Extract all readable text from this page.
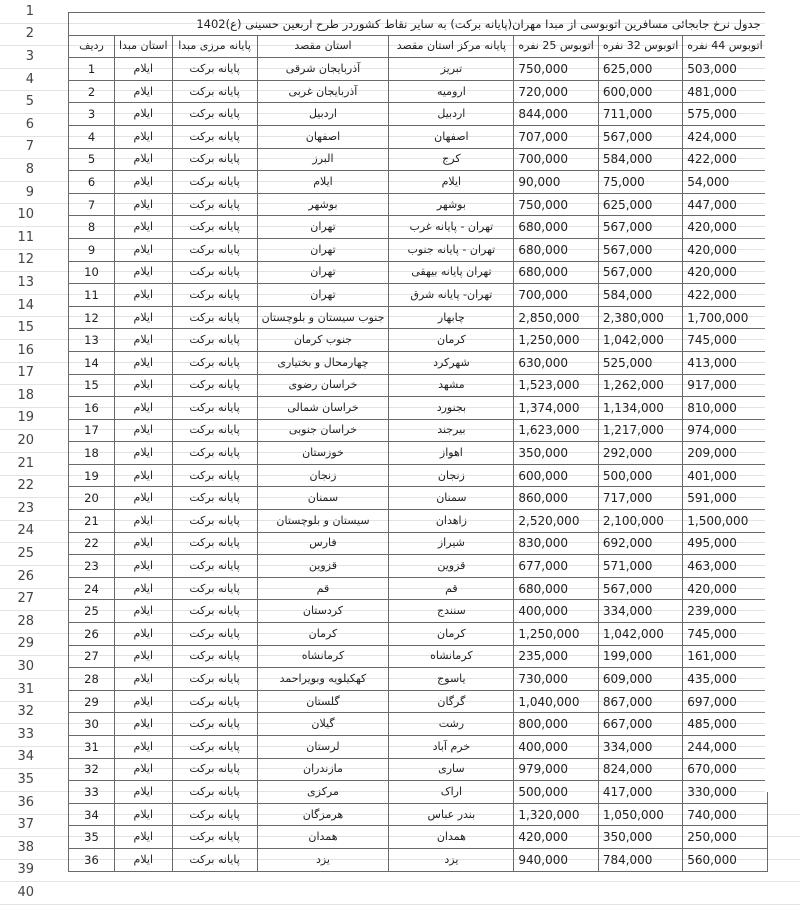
1
2
3
4
5
6
7
8
9
10
11
12
13
14
15
16
17
18
19
20
21
22
23
24
25
26
27
28
29
30
31
32
33
34
35
36
37
38
39
40
جدول نرخ جابجائی مسافرین اتوبوسی از مبدا مهران(پایانه برکت) به سایر نقاط کشوردر طرح اربعین حسینی (ع)1402							
اتوبوس 44 نفره	اتوبوس 32 نفره	اتوبوس 25 نفره	پایانه مرکز استان مقصد	استان مقصد	پایانه مرزی مبدا	استان مبدا	ردیف
503,000	625,000	750,000	تبریز	آذربایجان شرقی	پایانه برکت	ایلام	1
481,000	600,000	720,000	ارومیه	آذربایجان غربی	پایانه برکت	ایلام	2
575,000	711,000	844,000	اردبیل	اردبیل	پایانه برکت	ایلام	3
424,000	567,000	707,000	اصفهان	اصفهان	پایانه برکت	ایلام	4
422,000	584,000	700,000	کرج	البرز	پایانه برکت	ایلام	5
54,000	75,000	90,000	ایلام	ایلام	پایانه برکت	ایلام	6
447,000	625,000	750,000	بوشهر	بوشهر	پایانه برکت	ایلام	7
420,000	567,000	680,000	تهران - پایانه غرب	تهران	پایانه برکت	ایلام	8
420,000	567,000	680,000	تهران - پایانه جنوب	تهران	پایانه برکت	ایلام	9
420,000	567,000	680,000	تهران پایانه بیهقی	تهران	پایانه برکت	ایلام	10
422,000	584,000	700,000	تهران- پایانه شرق	تهران	پایانه برکت	ایلام	11
1,700,000	2,380,000	2,850,000	چابهار	جنوب سیستان و بلوچستان	پایانه برکت	ایلام	12
745,000	1,042,000	1,250,000	کرمان	جنوب کرمان	پایانه برکت	ایلام	13
413,000	525,000	630,000	شهرکرد	چهارمحال و بختیاری	پایانه برکت	ایلام	14
917,000	1,262,000	1,523,000	مشهد	خراسان رضوی	پایانه برکت	ایلام	15
810,000	1,134,000	1,374,000	بجنورد	خراسان شمالی	پایانه برکت	ایلام	16
974,000	1,217,000	1,623,000	بیرجند	خراسان جنوبی	پایانه برکت	ایلام	17
209,000	292,000	350,000	اهواز	خوزستان	پایانه برکت	ایلام	18
401,000	500,000	600,000	زنجان	زنجان	پایانه برکت	ایلام	19
591,000	717,000	860,000	سمنان	سمنان	پایانه برکت	ایلام	20
1,500,000	2,100,000	2,520,000	زاهدان	سیستان و بلوچستان	پایانه برکت	ایلام	21
495,000	692,000	830,000	شیراز	فارس	پایانه برکت	ایلام	22
463,000	571,000	677,000	قزوین	قزوین	پایانه برکت	ایلام	23
420,000	567,000	680,000	قم	قم	پایانه برکت	ایلام	24
239,000	334,000	400,000	سنندج	کردستان	پایانه برکت	ایلام	25
745,000	1,042,000	1,250,000	کرمان	کرمان	پایانه برکت	ایلام	26
161,000	199,000	235,000	کرمانشاه	کرمانشاه	پایانه برکت	ایلام	27
435,000	609,000	730,000	یاسوج	کهکیلویه وبویراحمد	پایانه برکت	ایلام	28
697,000	867,000	1,040,000	گرگان	گلستان	پایانه برکت	ایلام	29
485,000	667,000	800,000	رشت	گیلان	پایانه برکت	ایلام	30
244,000	334,000	400,000	خرم آباد	لرستان	پایانه برکت	ایلام	31
670,000	824,000	979,000	ساری	مازندران	پایانه برکت	ایلام	32
330,000	417,000	500,000	اراک	مرکزی	پایانه برکت	ایلام	33
740,000	1,050,000	1,320,000	بندر عباس	هرمزگان	پایانه برکت	ایلام	34
250,000	350,000	420,000	همدان	همدان	پایانه برکت	ایلام	35
560,000	784,000	940,000	یزد	یزد	پایانه برکت	ایلام	36
